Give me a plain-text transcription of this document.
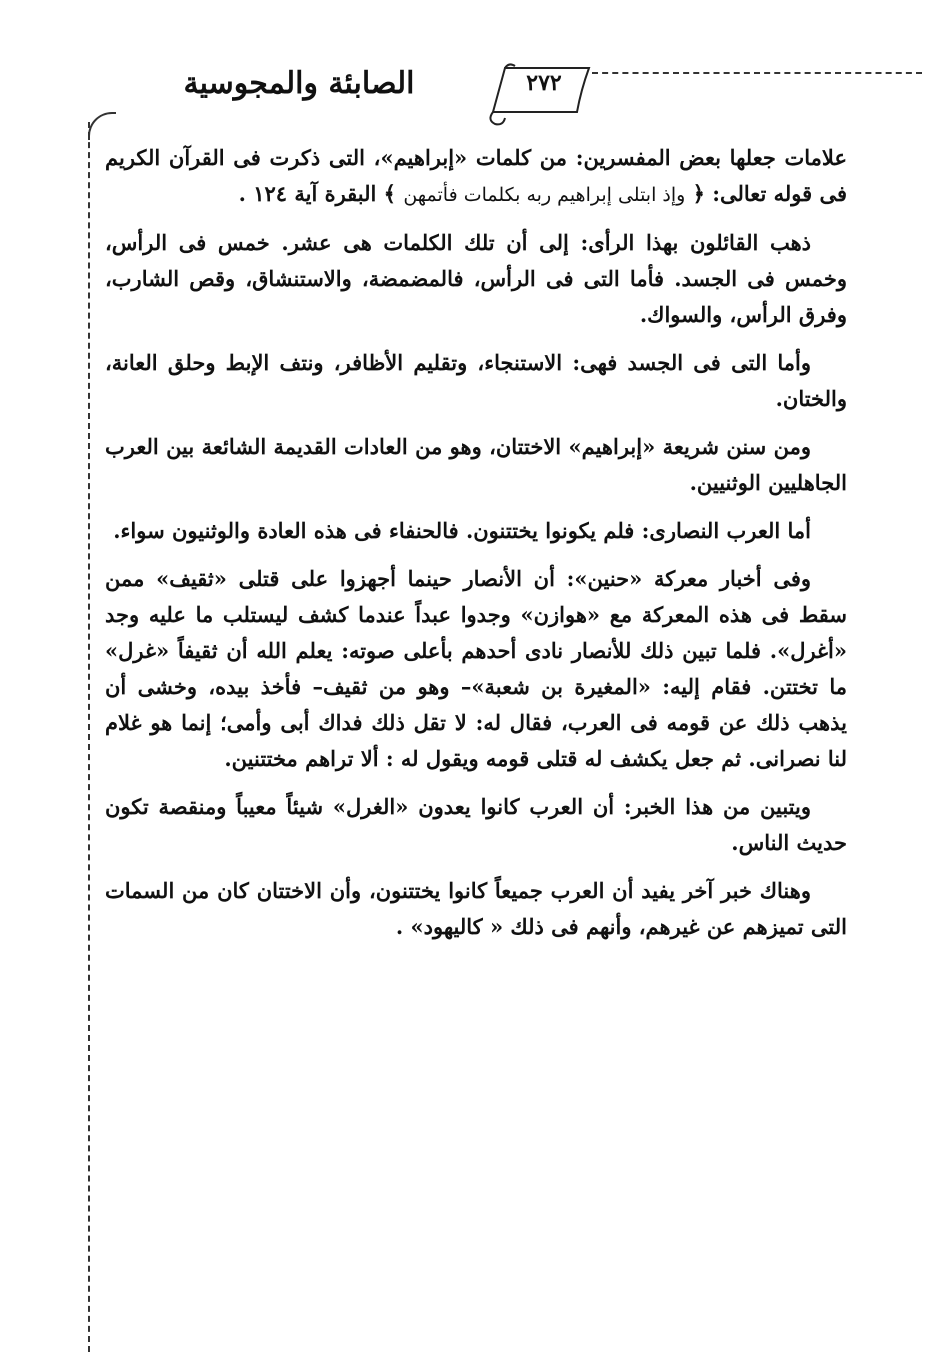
٢٧٢
الصابئة والمجوسية

علامات جعلها بعض المفسرين: من كلمات «إبراهيم»، التى ذكرت فى القرآن الكريم فى قوله تعالى: ﴿ وإذ ابتلى إبراهيم ربه بكلمات فأتمهن ﴾ البقرة آية ١٢٤ .

ذهب القائلون بهذا الرأى: إلى أن تلك الكلمات هى عشر. خمس فى الرأس، وخمس فى الجسد. فأما التى فى الرأس، فالمضمضة، والاستنشاق، وقص الشارب، وفرق الرأس، والسواك.

وأما التى فى الجسد فهى: الاستنجاء، وتقليم الأظافر، ونتف الإبط وحلق العانة، والختان.

ومن سنن شريعة «إبراهيم» الاختتان، وهو من العادات القديمة الشائعة بين العرب الجاهليين الوثنيين.

أما العرب النصارى: فلم يكونوا يختتنون. فالحنفاء فى هذه العادة والوثنيون سواء.

وفى أخبار معركة «حنين»: أن الأنصار حينما أجهزوا على قتلى «ثقيف» ممن سقط فى هذه المعركة مع «هوازن» وجدوا عبداً عندما كشف ليستلب ما عليه وجد «أغرل». فلما تبين ذلك للأنصار نادى أحدهم بأعلى صوته: يعلم الله أن ثقيفاً «غرل» ما تختتن. فقام إليه: «المغيرة بن شعبة»– وهو من ثقيف– فأخذ بيده، وخشى أن يذهب ذلك عن قومه فى العرب، فقال له: لا تقل ذلك فداك أبى وأمى؛ إنما هو غلام لنا نصرانى. ثم جعل يكشف له قتلى قومه ويقول له : ألا تراهم مختتنين.

ويتبين من هذا الخبر: أن العرب كانوا يعدون «الغرل» شيئاً معيباً ومنقصة تكون حديث الناس.

وهناك خبر آخر يفيد أن العرب جميعاً كانوا يختتنون، وأن الاختتان كان من السمات التى تميزهم عن غيرهم، وأنهم فى ذلك « كاليهود» .
